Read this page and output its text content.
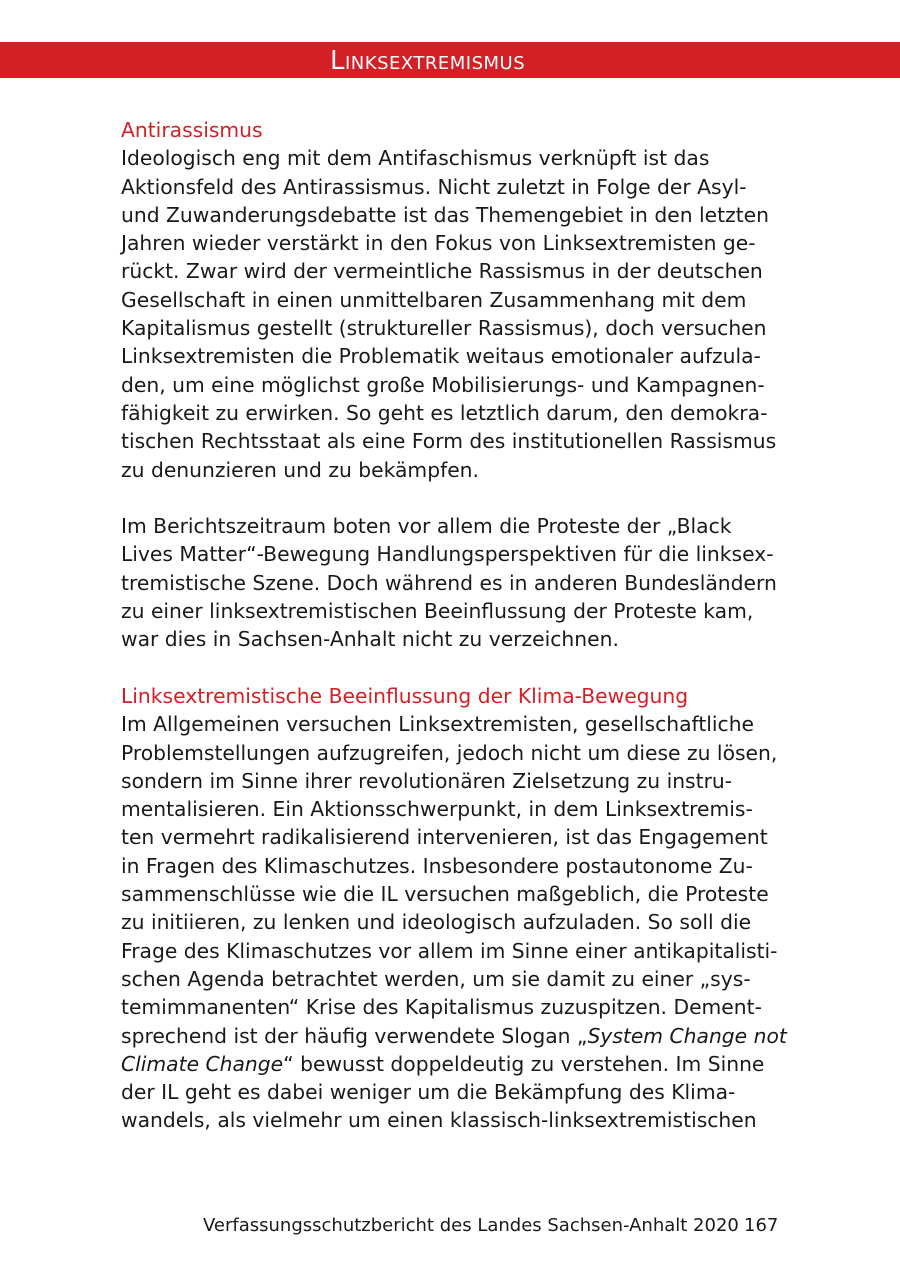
Linksextremismus

Antirassismus

Ideologisch eng mit dem Antifaschismus verknüpft ist das
Aktionsfeld des Antirassismus. Nicht zuletzt in Folge der Asyl-
und Zuwanderungsdebatte ist das Themengebiet in den letzten
Jahren wieder verstärkt in den Fokus von Linksextremisten ge-
rückt. Zwar wird der vermeintliche Rassismus in der deutschen
Gesellschaft in einen unmittelbaren Zusammenhang mit dem
Kapitalismus gestellt (struktureller Rassismus), doch versuchen
Linksextremisten die Problematik weitaus emotionaler aufzula-
den, um eine möglichst große Mobilisierungs- und Kampagnen-
fähigkeit zu erwirken. So geht es letztlich darum, den demokra-
tischen Rechtsstaat als eine Form des institutionellen Rassismus
zu denunzieren und zu bekämpfen.

Im Berichtszeitraum boten vor allem die Proteste der „Black
Lives Matter“-Bewegung Handlungsperspektiven für die linksex-
tremistische Szene. Doch während es in anderen Bundesländern
zu einer linksextremistischen Beeinflussung der Proteste kam,
war dies in Sachsen-Anhalt nicht zu verzeichnen.

Linksextremistische Beeinflussung der Klima-Bewegung

Im Allgemeinen versuchen Linksextremisten, gesellschaftliche
Problemstellungen aufzugreifen, jedoch nicht um diese zu lösen,
sondern im Sinne ihrer revolutionären Zielsetzung zu instru-
mentalisieren. Ein Aktionsschwerpunkt, in dem Linksextremis-
ten vermehrt radikalisierend intervenieren, ist das Engagement
in Fragen des Klimaschutzes. Insbesondere postautonome Zu-
sammenschlüsse wie die IL versuchen maßgeblich, die Proteste
zu initiieren, zu lenken und ideologisch aufzuladen. So soll die
Frage des Klimaschutzes vor allem im Sinne einer antikapitalisti-
schen Agenda betrachtet werden, um sie damit zu einer „sys-
temimmanenten“ Krise des Kapitalismus zuzuspitzen. Dement-
sprechend ist der häufig verwendete Slogan „System Change not
Climate Change“ bewusst doppeldeutig zu verstehen. Im Sinne
der IL geht es dabei weniger um die Bekämpfung des Klima-
wandels, als vielmehr um einen klassisch-linksextremistischen

Verfassungsschutzbericht des Landes Sachsen-Anhalt 2020 167
